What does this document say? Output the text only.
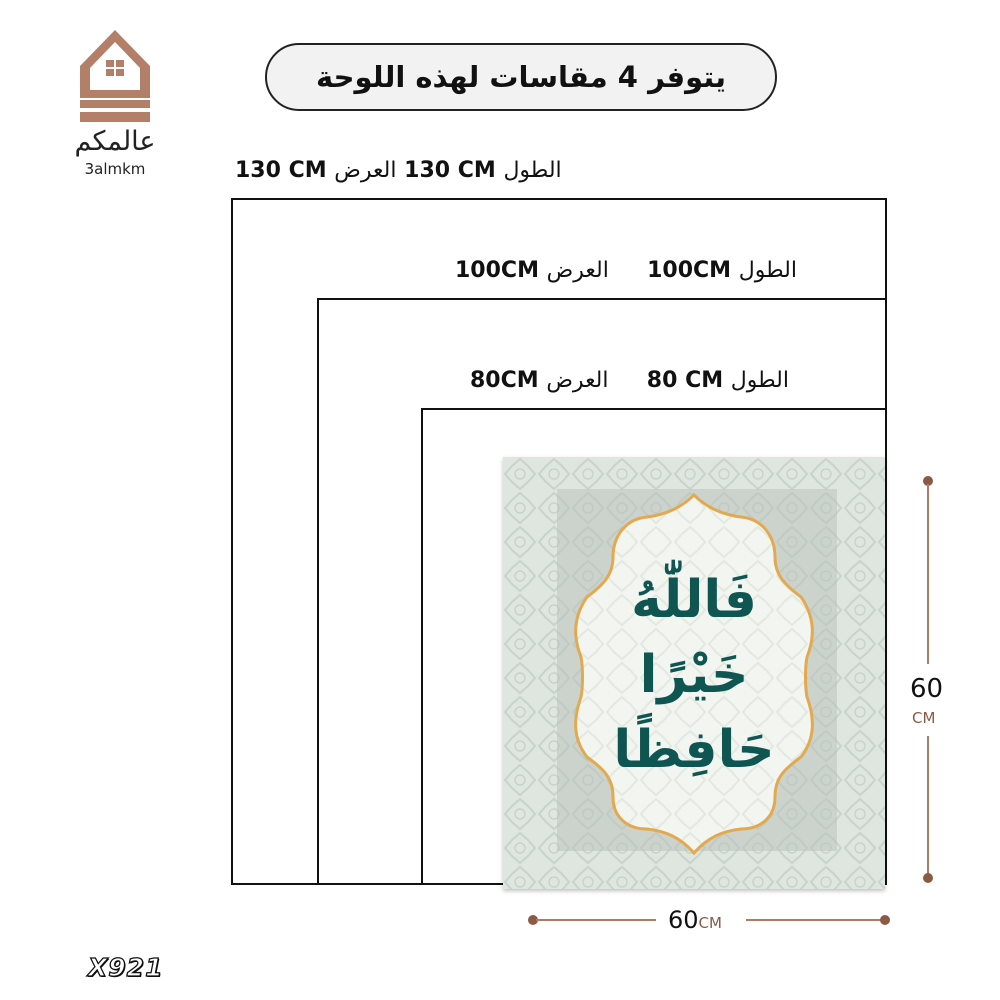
عالمكم
3almkm
يتوفر 4 مقاسات لهذه اللوحة
الطول 130 CM العرض 130 CM
الطول 100CM     العرض 100CM
الطول 80 CM     العرض 80CM
فَاللّٰهُ
خَيْرًا
حَافِظًا
60CM
60
CM
X921
